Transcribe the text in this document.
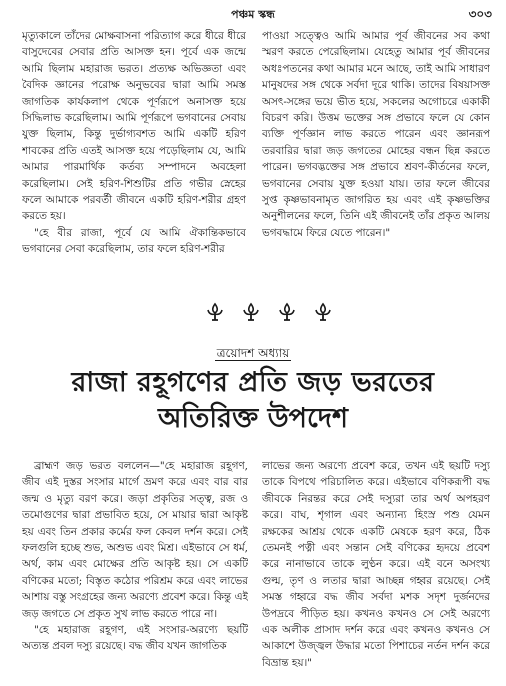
পঞ্চম স্কন্ধ	৩০৩

মৃত্যুকালে তাঁদের মোক্ষবাসনা পরিত্যাগ করে ধীরে ধীরে বাসুদেবের সেবার প্রতি আসক্ত হন। পূর্বে এক জন্মে আমি ছিলাম মহারাজ ভরত। প্রত্যক্ষ অভিজ্ঞতা এবং বৈদিক জ্ঞানের পরোক্ষ অনুভবের দ্বারা আমি সমস্ত জাগতিক কার্যকলাপ থেকে পূর্ণরূপে অনাসক্ত হয়ে সিদ্ধিলাভ করেছিলাম। আমি পূর্ণরূপে ভগবানের সেবায় যুক্ত ছিলাম, কিন্তু দুর্ভাগ্যবশত আমি একটি হরিণ শাবকের প্রতি এতই আসক্ত হয়ে পড়েছিলাম যে, আমি আমার পারমার্থিক কর্তব্য সম্পাদনে অবহেলা করেছিলাম। সেই হরিণ-শিশুটির প্রতি গভীর স্নেহের ফলে আমাকে পরবর্তী জীবনে একটি হরিণ-শরীর গ্রহণ করতে হয়।

"হে বীর রাজা, পূর্বে যে আমি ঐকান্তিকভাবে ভগবানের সেবা করেছিলাম, তার ফলে হরিণ-শরীর

পাওয়া সত্ত্বেও আমি আমার পূর্ব জীবনের সব কথা স্মরণ করতে পেরেছিলাম। যেহেতু আমার পূর্ব জীবনের অধঃপতনের কথা আমার মনে আছে, তাই আমি সাধারণ মানুষদের সঙ্গ থেকে সর্বদা দূরে থাকি। তাদের বিষয়াসক্ত অসৎ-সঙ্গের ভয়ে ভীত হয়ে, সকলের অগোচরে একাকী বিচরণ করি। উত্তম ভক্তের সঙ্গ প্রভাবে ফলে যে কোন ব্যক্তি পূর্ণজ্ঞান লাভ করতে পারেন এবং জ্ঞানরূপ তরবারির দ্বারা জড় জগতের মোহের বন্ধন ছিন্ন করতে পারেন। ভগবদ্ভক্তের সঙ্গ প্রভাবে শ্রবণ-কীর্তনের ফলে, ভগবানের সেবায় যুক্ত হওয়া যায়। তার ফলে জীবের সুপ্ত কৃষ্ণভাবনামৃত জাগরিত হয় এবং এই কৃষ্ণভক্তির অনুশীলনের ফলে, তিনি এই জীবনেই তাঁর প্রকৃত আলয় ভগবদ্ধামে ফিরে যেতে পারেন।"

ত্রয়োদশ অধ্যায়
রাজা রহূগণের প্রতি জড় ভরতের
অতিরিক্ত উপদেশ

ব্রাহ্মণ জড় ভরত বললেন—"হে মহারাজ রহূগণ, জীব এই দুস্তর সংসার মার্গে ভ্রমণ করে এবং বার বার জন্ম ও মৃত্যু বরণ করে। জড়া প্রকৃতির সত্ত্ব, রজ ও তমোগুণের দ্বারা প্রভাবিত হয়ে, সে মায়ার দ্বারা আকৃষ্ট হয় এবং তিন প্রকার কর্মের ফল কেবল দর্শন করে। সেই ফলগুলি হচ্ছে শুভ, অশুভ এবং মিশ্র। এইভাবে সে ধর্ম, অর্থ, কাম এবং মোক্ষের প্রতি আকৃষ্ট হয়। সে একটি বণিকের মতো; বিস্তৃত কঠোর পরিশ্রম করে এবং লাভের আশায় বস্তু সংগ্রহের জন্য অরণ্যে প্রবেশ করে। কিন্তু এই জড় জগতে সে প্রকৃত সুখ লাভ করতে পারে না।

"হে মহারাজ রহূগণ, এই সংসার-অরণ্যে ছয়টি অত্যন্ত প্রবল দস্যু রয়েছে। বদ্ধ জীব যখন জাগতিক

লাভের জন্য অরণ্যে প্রবেশ করে, তখন এই ছয়টি দস্যু তাকে বিপথে পরিচালিত করে। এইভাবে বণিকরূপী বদ্ধ জীবকে নিরন্তর করে সেই দস্যুরা তার অর্থ অপহরণ করে। বাঘ, শৃগাল এবং অন্যান্য হিংস্র পশু যেমন রক্ষকের আশ্রয় থেকে একটি মেষকে হরণ করে, ঠিক তেমনই পত্নী এবং সন্তান সেই বণিকের হৃদয়ে প্রবেশ করে নানাভাবে তাকে লুণ্ঠন করে। এই বনে অসংখ্য গুল্ম, তৃণ ও লতার দ্বারা আচ্ছন্ন গহ্বর রয়েছে। সেই সমস্ত গহ্বরে বদ্ধ জীব সর্বদা মশক সদৃশ দুর্জনদের উপদ্রবে পীড়িত হয়। কখনও কখনও সে সেই অরণ্যে এক অলীক প্রাসাদ দর্শন করে এবং কখনও কখনও সে আকাশে উজ্জ্বল উদ্ধার মতো পিশাচের নর্তন দর্শন করে বিভ্রান্ত হয়।"
